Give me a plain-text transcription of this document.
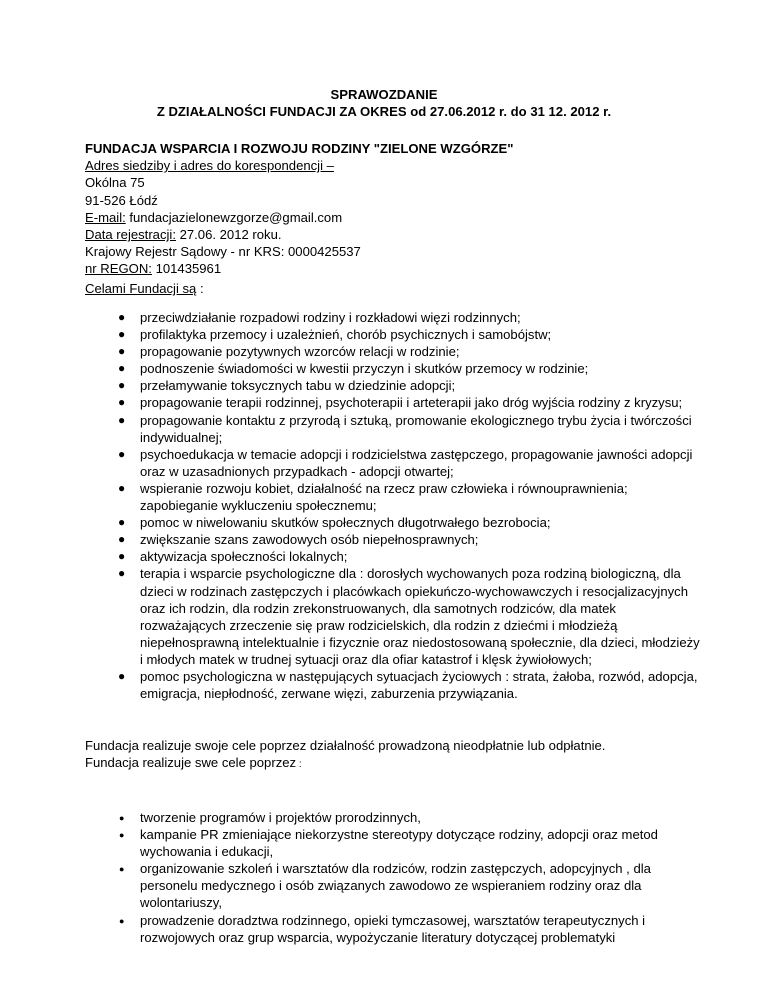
SPRAWOZDANIE
Z DZIAŁALNOŚCI FUNDACJI ZA OKRES od 27.06.2012 r. do 31 12. 2012 r.
FUNDACJA WSPARCIA I ROZWOJU RODZINY "ZIELONE WZGÓRZE"
Adres siedziby i adres do korespondencji –
Okólna 75
91-526 Łódź
E-mail: fundacjazielonewzgorze@gmail.com
Data rejestracji: 27.06. 2012 roku.
Krajowy Rejestr Sądowy - nr KRS: 0000425537
nr REGON: 101435961
Celami Fundacji są :
● przeciwdziałanie rozpadowi rodziny i rozkładowi więzi rodzinnych;
● profilaktyka przemocy i uzależnień, chorób psychicznych i samobójstw;
● propagowanie pozytywnych wzorców relacji w rodzinie;
● podnoszenie świadomości w kwestii przyczyn i skutków przemocy w rodzinie;
● przełamywanie toksycznych tabu w dziedzinie adopcji;
● propagowanie terapii rodzinnej, psychoterapii i arteterapii jako dróg wyjścia rodziny z kryzysu;
● propagowanie kontaktu z przyrodą i sztuką, promowanie ekologicznego trybu życia i twórczości indywidualnej;
● psychoedukacja w temacie adopcji i rodzicielstwa zastępczego, propagowanie jawności adopcji oraz w uzasadnionych przypadkach - adopcji otwartej;
● wspieranie rozwoju kobiet, działalność na rzecz praw człowieka i równouprawnienia; zapobieganie wykluczeniu społecznemu;
● pomoc w niwelowaniu skutków społecznych długotrwałego bezrobocia;
● zwiększanie szans zawodowych osób niepełnosprawnych;
● aktywizacja społeczności lokalnych;
● terapia i wsparcie psychologiczne dla : dorosłych wychowanych poza rodziną biologiczną, dla dzieci w rodzinach zastępczych i placówkach opiekuńczo-wychowawczych i resocjalizacyjnych oraz ich rodzin, dla rodzin zrekonstruowanych, dla samotnych rodziców, dla matek rozważających zrzeczenie się praw rodzicielskich, dla rodzin z dziećmi i młodzieżą niepełnosprawną intelektualnie i fizycznie oraz niedostosowaną społecznie, dla dzieci, młodzieży i młodych matek w trudnej sytuacji oraz dla ofiar katastrof i klęsk żywiołowych;
● pomoc psychologiczna w następujących sytuacjach życiowych : strata, żałoba, rozwód, adopcja, emigracja, niepłodność, zerwane więzi, zaburzenia przywiązania.
Fundacja realizuje swoje cele poprzez działalność prowadzoną nieodpłatnie lub odpłatnie.
Fundacja realizuje swe cele poprzez :
● tworzenie programów i projektów prorodzinnych,
● kampanie PR zmieniające niekorzystne stereotypy dotyczące rodziny, adopcji oraz metod wychowania i edukacji,
● organizowanie szkoleń i warsztatów dla rodziców, rodzin zastępczych, adopcyjnych , dla personelu medycznego i osób związanych zawodowo ze wspieraniem rodziny oraz dla wolontariuszy,
● prowadzenie doradztwa rodzinnego, opieki tymczasowej, warsztatów terapeutycznych i rozwojowych oraz grup wsparcia, wypożyczanie literatury dotyczącej problematyki
